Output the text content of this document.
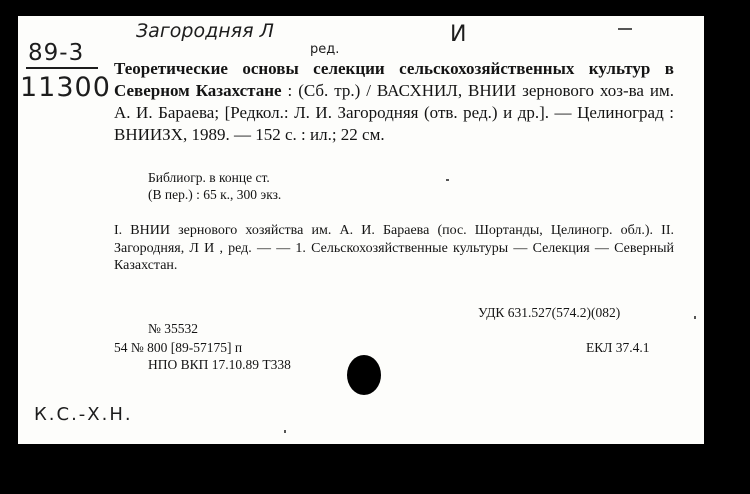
89-3
11300
Загородняя Л
ред.
И
Теоретические основы селекции сельскохозяйственных культур в Северном Казахстане : (Сб. тр.) / ВАСХНИЛ, ВНИИ зернового хоз-ва им. А. И. Бараева; [Редкол.: Л. И. Загородняя (отв. ред.) и др.]. — Целиноград : ВНИИЗХ, 1989. — 152 с. : ил.; 22 см.
Библиогр. в конце ст.
(В пер.) : 65 к., 300 экз.
I. ВНИИ зернового хозяйства им. А. И. Бараева (пос. Шортанды, Целиногр. обл.). II. Загородняя, Л И , ред. — — 1. Сельскохозяйственные культуры — Селекция — Северный Казахстан.
УДК 631.527(574.2)(082)
№ 35532
54 № 800 [89-57175] п	ЕКЛ 37.4.1
НПО ВКП 17.10.89 Т338
К.С.-Х.Н.
